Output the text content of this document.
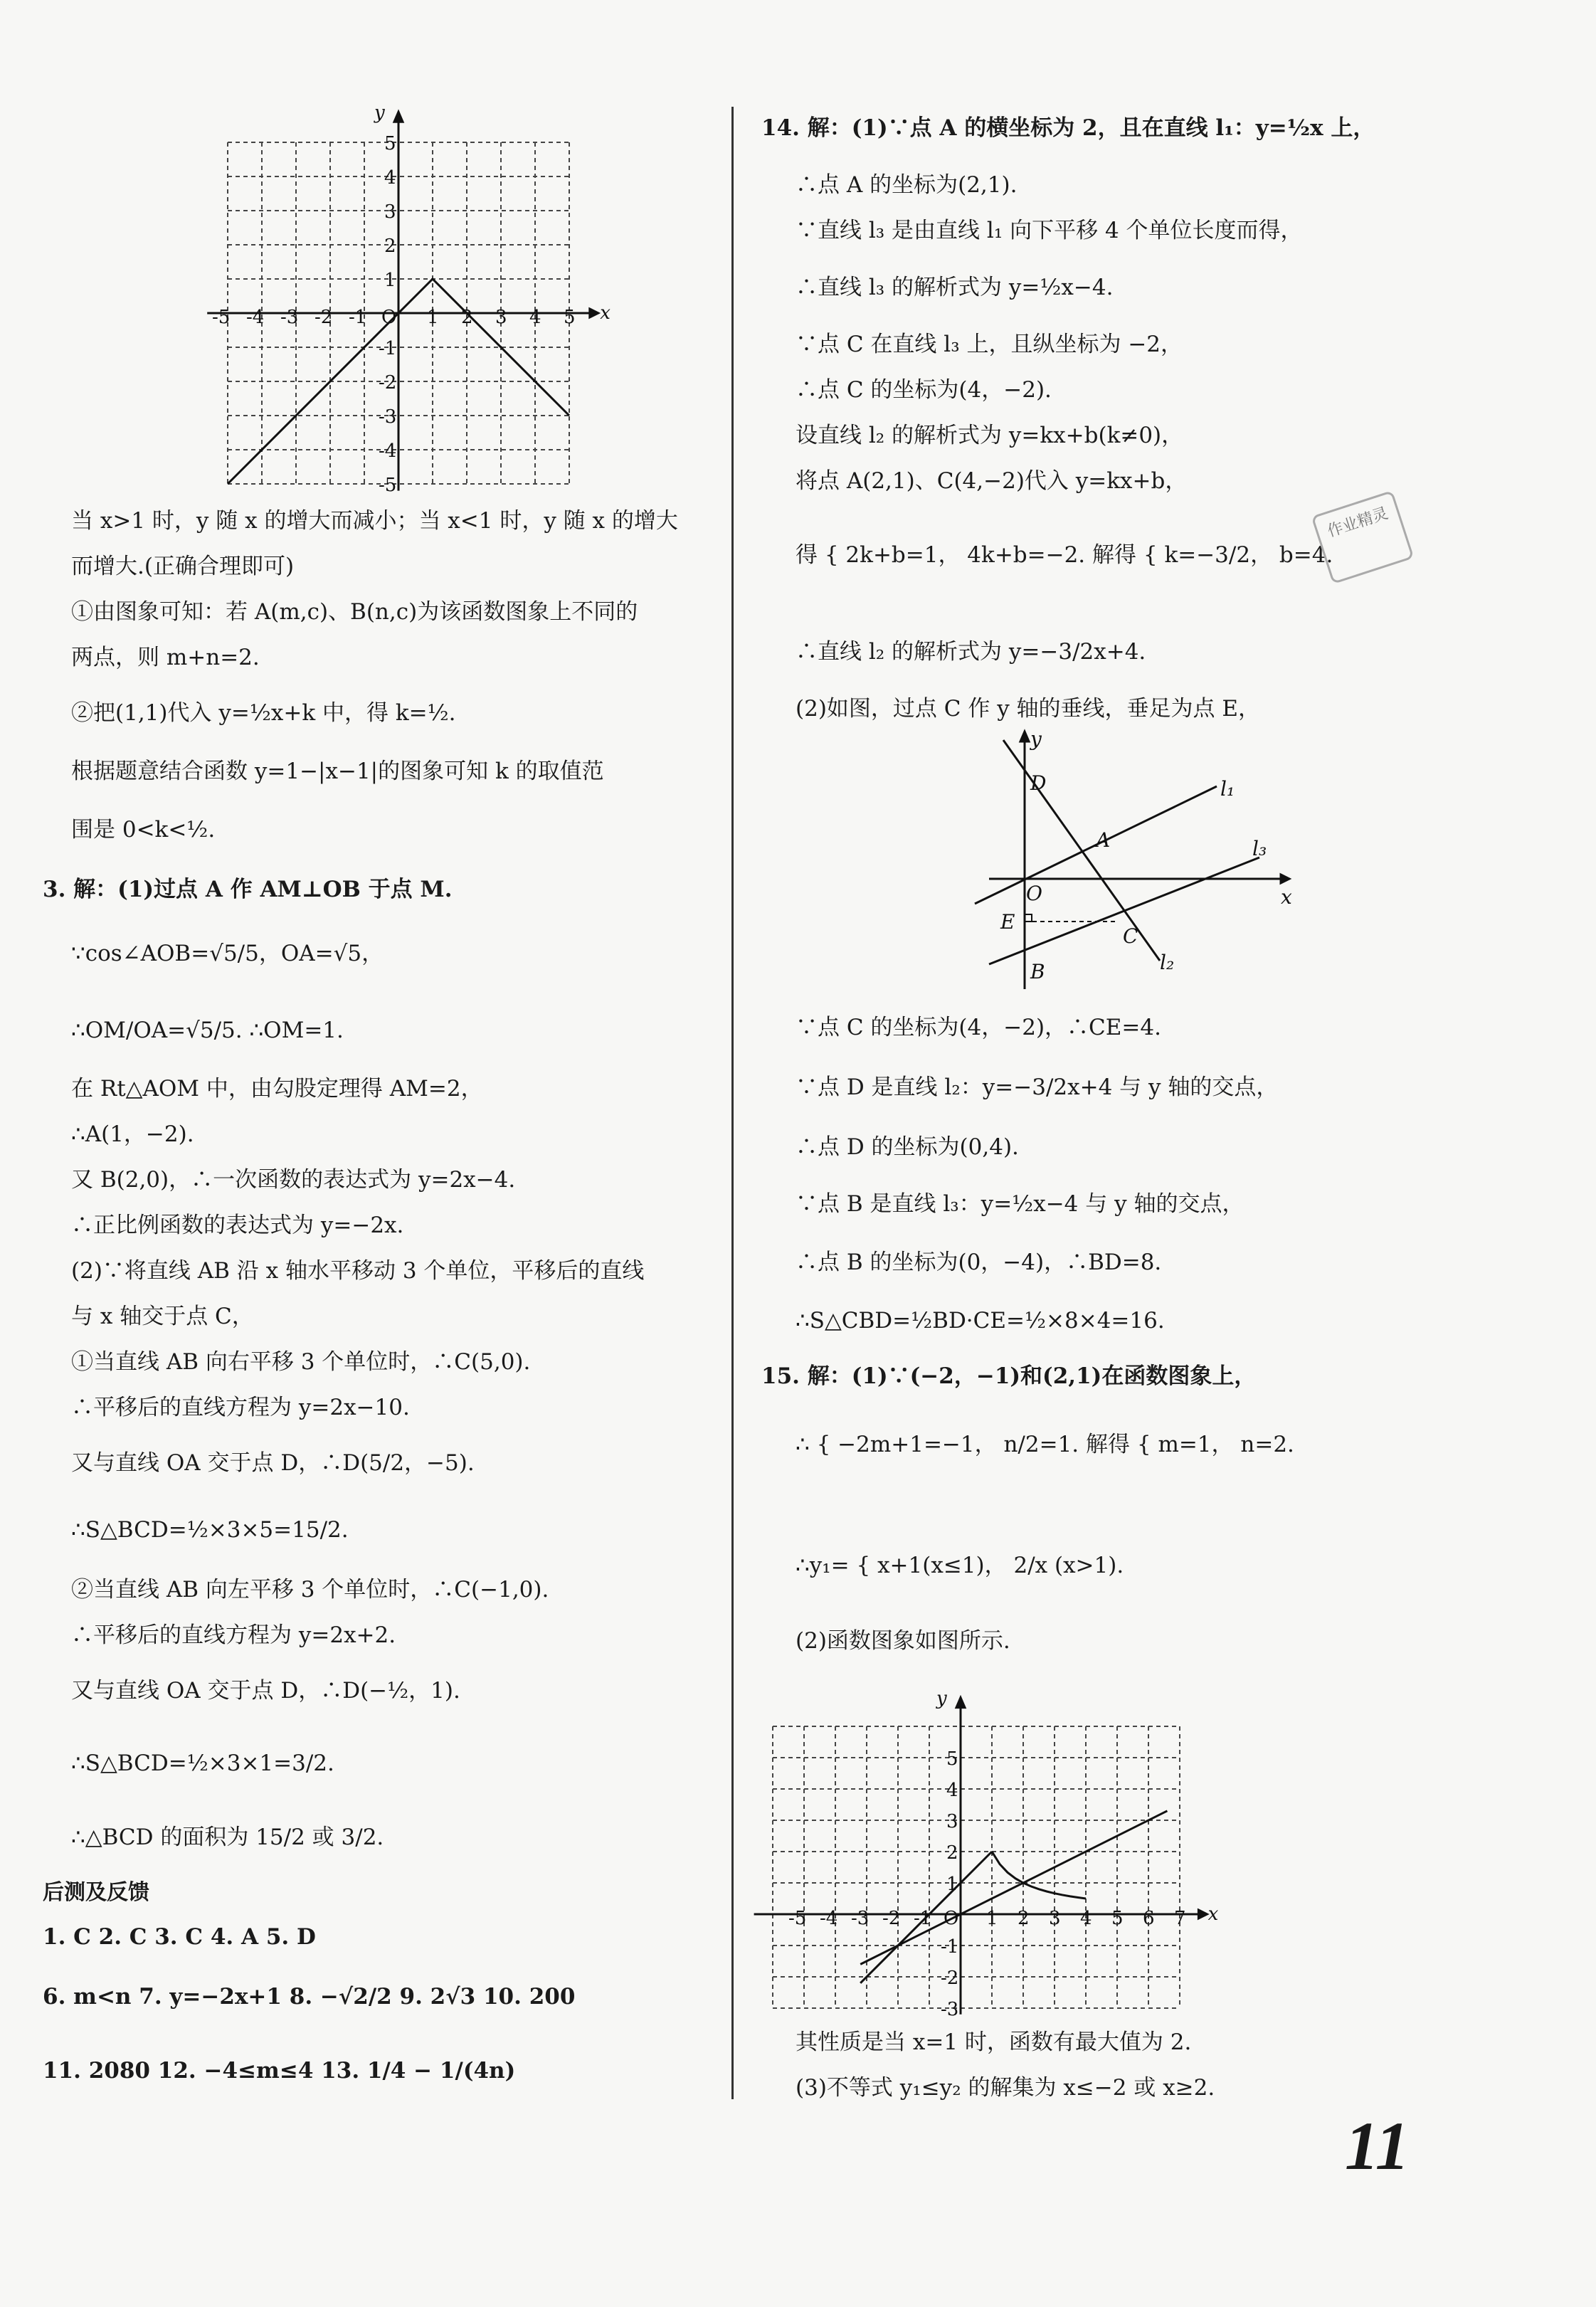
-5 -4 -3 -2 -1	1 2 3 4 5
5
4
3
2
1
-1
-2
-3
-4
-5
O	x
y
当 x>1 时，y 随 x 的增大而减小；当 x<1 时，y 随 x 的增大
而增大.(正确合理即可)
①由图象可知：若 A(m,c)、B(n,c)为该函数图象上不同的
两点，则 m+n=2.
②把(1,1)代入 y=½x+k 中，得 k=½.
根据题意结合函数 y=1−|x−1|的图象可知 k 的取值范
围是 0<k<½.
3. 解：(1)过点 A 作 AM⊥OB 于点 M.
∵cos∠AOB=√5/5，OA=√5，
∴OM/OA=√5/5. ∴OM=1.
在 Rt△AOM 中，由勾股定理得 AM=2，
∴A(1，−2).
又 B(2,0)，∴一次函数的表达式为 y=2x−4.
∴正比例函数的表达式为 y=−2x.
(2)∵将直线 AB 沿 x 轴水平移动 3 个单位，平移后的直线
与 x 轴交于点 C，
①当直线 AB 向右平移 3 个单位时，∴C(5,0).
∴平移后的直线方程为 y=2x−10.
又与直线 OA 交于点 D，∴D(5/2，−5).
∴S△BCD=½×3×5=15/2.
②当直线 AB 向左平移 3 个单位时，∴C(−1,0).
∴平移后的直线方程为 y=2x+2.
又与直线 OA 交于点 D，∴D(−½，1).
∴S△BCD=½×3×1=3/2.
∴△BCD 的面积为 15/2 或 3/2.
后测及反馈
1. C 2. C 3. C 4. A 5. D
6. m<n 7. y=−2x+1 8. −√2/2 9. 2√3 10. 200
11. 2080 12. −4≤m≤4 13. 1/4 − 1/(4n)
14. 解：(1)∵点 A 的横坐标为 2，且在直线 l₁：y=½x 上，
∴点 A 的坐标为(2,1).
∵直线 l₃ 是由直线 l₁ 向下平移 4 个单位长度而得，
∴直线 l₃ 的解析式为 y=½x−4.
∵点 C 在直线 l₃ 上，且纵坐标为 −2，
∴点 C 的坐标为(4，−2).
设直线 l₂ 的解析式为 y=kx+b(k≠0)，
将点 A(2,1)、C(4,−2)代入 y=kx+b，
得 { 2k+b=1， 4k+b=−2. 解得 { k=−3/2， b=4.
∴直线 l₂ 的解析式为 y=−3/2x+4.
(2)如图，过点 C 作 y 轴的垂线，垂足为点 E，
y
x
O
D
A
E
C
B
l₁
l₃
l₂
∵点 C 的坐标为(4，−2)，∴CE=4.
∵点 D 是直线 l₂：y=−3/2x+4 与 y 轴的交点，
∴点 D 的坐标为(0,4).
∵点 B 是直线 l₃：y=½x−4 与 y 轴的交点，
∴点 B 的坐标为(0，−4)，∴BD=8.
∴S△CBD=½BD·CE=½×8×4=16.
15. 解：(1)∵(−2，−1)和(2,1)在函数图象上，
∴ { −2m+1=−1， n/2=1. 解得 { m=1， n=2.
∴y₁= { x+1(x≤1)， 2/x (x>1).
(2)函数图象如图所示.
-5 -4 -3 -2 -1	1 2 3 4 5 6 7
5
4
3
2
1
-1
-2
-3
O	x
y
其性质是当 x=1 时，函数有最大值为 2.
(3)不等式 y₁≤y₂ 的解集为 x≤−2 或 x≥2.
作业精灵
11
